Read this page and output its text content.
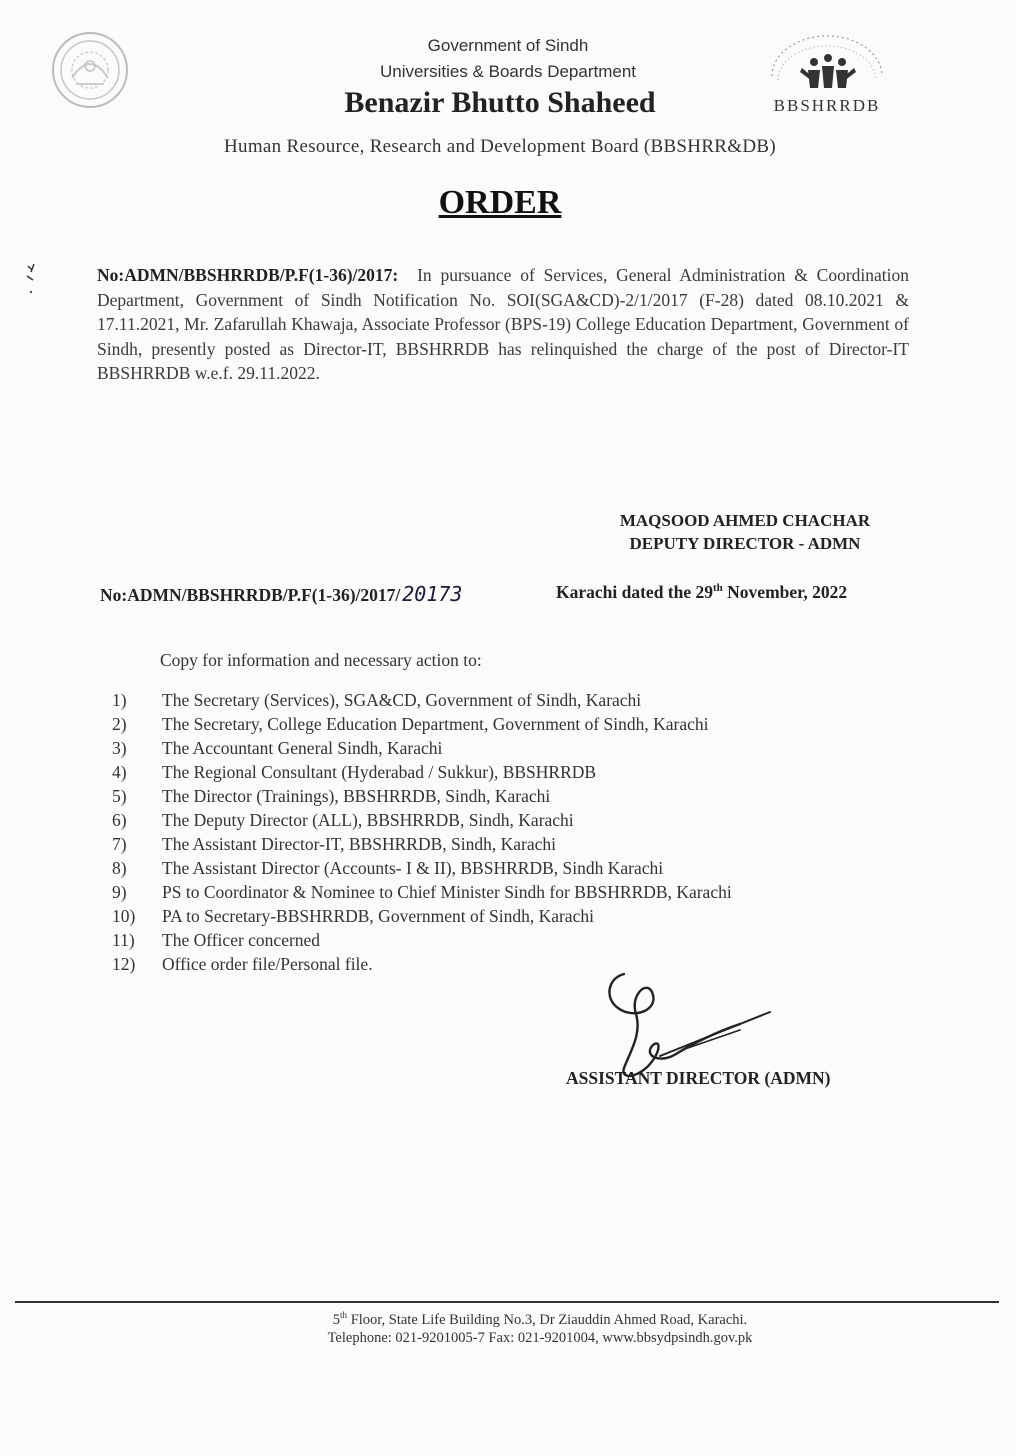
Government of Sindh
Universities & Boards Department
Benazir Bhutto Shaheed	BBSHRRDB
Human Resource, Research and Development Board (BBSHRR&DB)
ORDER
No:ADMN/BBSHRRDB/P.F(1-36)/2017: In pursuance of Services, General Administration & Coordination Department, Government of Sindh Notification No. SOI(SGA&CD)-2/1/2017 (F-28) dated 08.10.2021 & 17.11.2021, Mr. Zafarullah Khawaja, Associate Professor (BPS-19) College Education Department, Government of Sindh, presently posted as Director-IT, BBSHRRDB has relinquished the charge of the post of Director-IT BBSHRRDB w.e.f. 29.11.2022.
MAQSOOD AHMED CHACHAR
DEPUTY DIRECTOR - ADMN
No:ADMN/BBSHRRDB/P.F(1-36)/2017/ 20173	Karachi dated the 29th November, 2022
Copy for information and necessary action to:
1) The Secretary (Services), SGA&CD, Government of Sindh, Karachi
2) The Secretary, College Education Department, Government of Sindh, Karachi
3) The Accountant General Sindh, Karachi
4) The Regional Consultant (Hyderabad / Sukkur), BBSHRRDB
5) The Director (Trainings), BBSHRRDB, Sindh, Karachi
6) The Deputy Director (ALL), BBSHRRDB, Sindh, Karachi
7) The Assistant Director-IT, BBSHRRDB, Sindh, Karachi
8) The Assistant Director (Accounts- I & II), BBSHRRDB, Sindh Karachi
9) PS to Coordinator & Nominee to Chief Minister Sindh for BBSHRRDB, Karachi
10) PA to Secretary-BBSHRRDB, Government of Sindh, Karachi
11) The Officer concerned
12) Office order file/Personal file.
ASSISTANT DIRECTOR (ADMN)
5th Floor, State Life Building No.3, Dr Ziauddin Ahmed Road, Karachi.
Telephone: 021-9201005-7 Fax: 021-9201004, www.bbsydpsindh.gov.pk
